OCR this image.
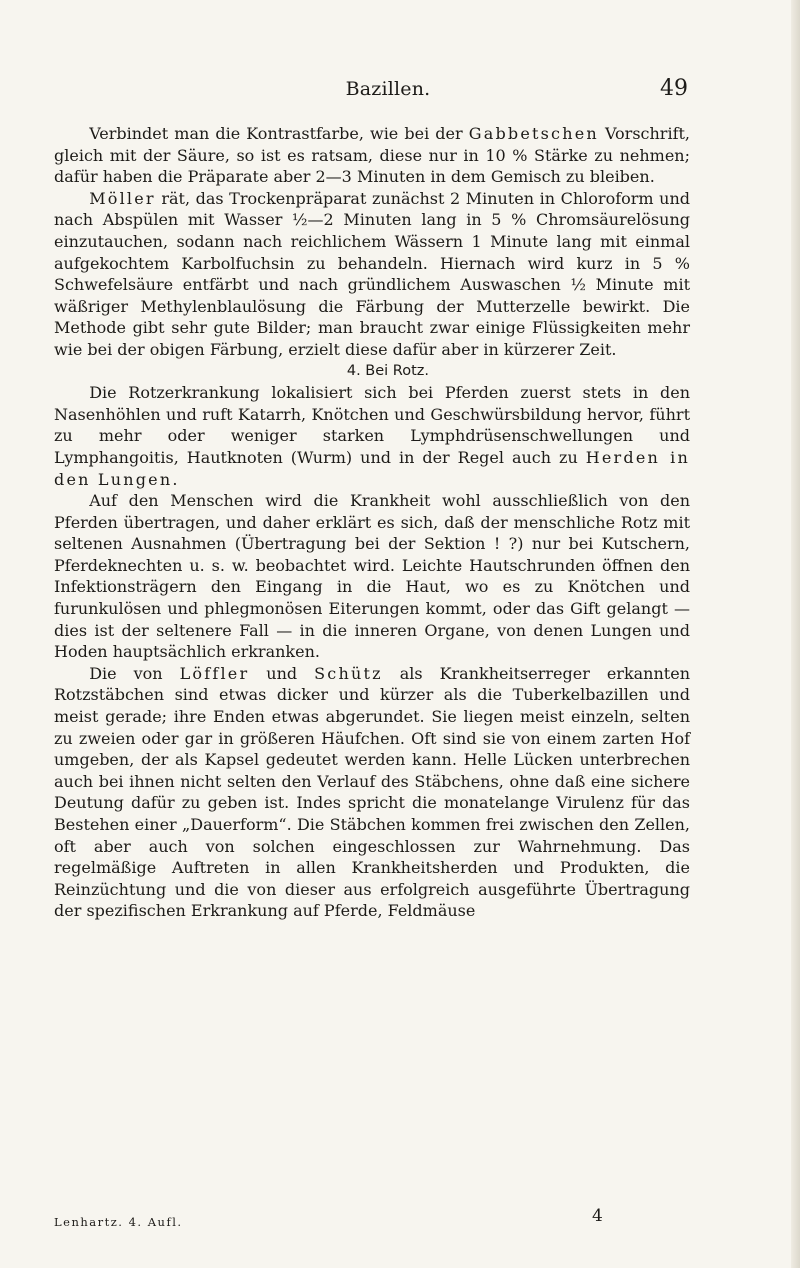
Bazillen.	49

Verbindet man die Kontrastfarbe, wie bei der Gabbetschen Vorschrift, gleich mit der Säure, so ist es ratsam, diese nur in 10 % Stärke zu nehmen; dafür haben die Präparate aber 2—3 Minuten in dem Gemisch zu bleiben.

Möller rät, das Trockenpräparat zunächst 2 Minuten in Chloroform und nach Abspülen mit Wasser ½—2 Minuten lang in 5 % Chromsäurelösung einzutauchen, sodann nach reichlichem Wässern 1 Minute lang mit einmal aufgekochtem Karbolfuchsin zu behandeln. Hiernach wird kurz in 5 % Schwefelsäure entfärbt und nach gründlichem Auswaschen ½ Minute mit wäßriger Methylenblaulösung die Färbung der Mutterzelle bewirkt. Die Methode gibt sehr gute Bilder; man braucht zwar einige Flüssigkeiten mehr wie bei der obigen Färbung, erzielt diese dafür aber in kürzerer Zeit.

4. Bei Rotz.

Die Rotzerkrankung lokalisiert sich bei Pferden zuerst stets in den Nasenhöhlen und ruft Katarrh, Knötchen und Geschwürsbildung hervor, führt zu mehr oder weniger starken Lymphdrüsenschwellungen und Lymphangoitis, Hautknoten (Wurm) und in der Regel auch zu Herden in den Lungen.

Auf den Menschen wird die Krankheit wohl ausschließlich von den Pferden übertragen, und daher erklärt es sich, daß der menschliche Rotz mit seltenen Ausnahmen (Übertragung bei der Sektion ! ?) nur bei Kutschern, Pferdeknechten u. s. w. beobachtet wird. Leichte Hautschrunden öffnen den Infektionsträgern den Eingang in die Haut, wo es zu Knötchen und furunkulösen und phlegmonösen Eiterungen kommt, oder das Gift gelangt — dies ist der seltenere Fall — in die inneren Organe, von denen Lungen und Hoden hauptsächlich erkranken.

Die von Löffler und Schütz als Krankheitserreger erkannten Rotzstäbchen sind etwas dicker und kürzer als die Tuberkelbazillen und meist gerade; ihre Enden etwas abgerundet. Sie liegen meist einzeln, selten zu zweien oder gar in größeren Häufchen. Oft sind sie von einem zarten Hof umgeben, der als Kapsel gedeutet werden kann. Helle Lücken unterbrechen auch bei ihnen nicht selten den Verlauf des Stäbchens, ohne daß eine sichere Deutung dafür zu geben ist. Indes spricht die monatelange Virulenz für das Bestehen einer „Dauerform“. Die Stäbchen kommen frei zwischen den Zellen, oft aber auch von solchen eingeschlossen zur Wahrnehmung. Das regelmäßige Auftreten in allen Krankheitsherden und Produkten, die Reinzüchtung und die von dieser aus erfolgreich ausgeführte Übertragung der spezifischen Erkrankung auf Pferde, Feldmäuse

Lenhartz. 4. Aufl.	4
